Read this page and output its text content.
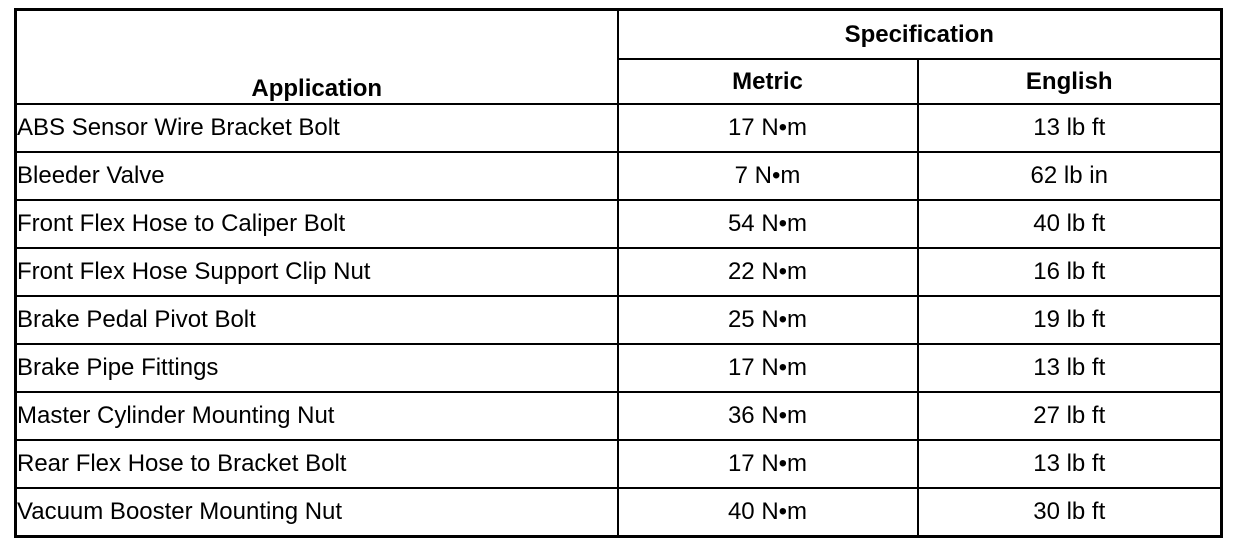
Application	Specification	
	Metric	English
ABS Sensor Wire Bracket Bolt	17 N•m	13 lb ft
Bleeder Valve	7 N•m	62 lb in
Front Flex Hose to Caliper Bolt	54 N•m	40 lb ft
Front Flex Hose Support Clip Nut	22 N•m	16 lb ft
Brake Pedal Pivot Bolt	25 N•m	19 lb ft
Brake Pipe Fittings	17 N•m	13 lb ft
Master Cylinder Mounting Nut	36 N•m	27 lb ft
Rear Flex Hose to Bracket Bolt	17 N•m	13 lb ft
Vacuum Booster Mounting Nut	40 N•m	30 lb ft
